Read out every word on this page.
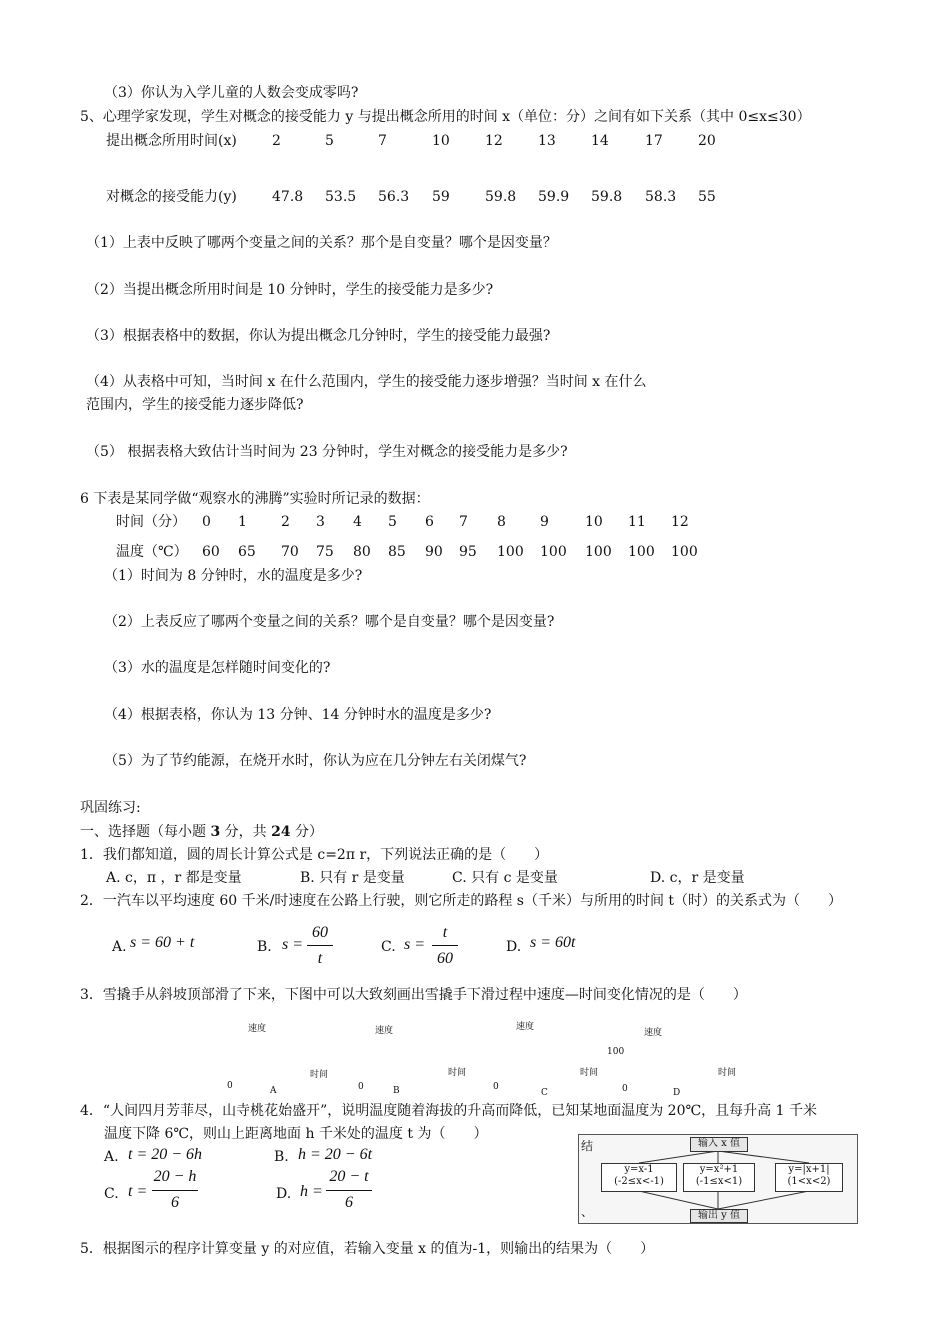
（3）你认为入学儿童的人数会变成零吗?
5、心理学家发现，学生对概念的接受能力 y 与提出概念所用的时间 x（单位：分）之间有如下关系（其中 0≤x≤30）
提出概念所用时间(x)	2	5	7	10	12	13	14	17	20
对概念的接受能力(y)	47.8 53.5 56.3 59	59.8 59.9 59.8 58.3 55
（1）上表中反映了哪两个变量之间的关系？那个是自变量？哪个是因变量？
（2）当提出概念所用时间是 10 分钟时，学生的接受能力是多少?
（3）根据表格中的数据，你认为提出概念几分钟时，学生的接受能力最强?
（4）从表格中可知，当时间 x 在什么范围内，学生的接受能力逐步增强？当时间 x 在什么
范围内，学生的接受能力逐步降低?
（5） 根据表格大致估计当时间为 23 分钟时，学生对概念的接受能力是多少?
6 下表是某同学做“观察水的沸腾”实验时所记录的数据：
时间（分） 0 1 2 3 4 5 6 7 8 9	10 11 12
温度（℃） 60 65 70 75 80 85 90 95 100 100 100 100 100
（1）时间为 8 分钟时，水的温度是多少?
（2）上表反应了哪两个变量之间的关系？哪个是自变量？哪个是因变量?
（3）水的温度是怎样随时间变化的?
（4）根据表格，你认为 13 分钟、14 分钟时水的温度是多少?
（5）为了节约能源，在烧开水时，你认为应在几分钟左右关闭煤气?
巩固练习:
一、选择题（每小题 3 分，共 24 分）
1．我们都知道，圆的周长计算公式是 c=2π r，下列说法正确的是（　　）
A. c，π ，r 都是变量	B. 只有 r 是变量	C. 只有 c 是变量	D. c，r 是变量
2．一汽车以平均速度 60 千米/时速度在公路上行驶，则它所走的路程 s（千米）与所用的时间 t（时）的关系式为（　　）
A. s = 60 + t	B. s =
60
t
C. s =
t
60
D. s = 60t
3．雪撬手从斜坡顶部滑了下来，下图中可以大致刻画出雪撬手下滑过程中速度—时间变化情况的是（　　）
速度
时间
0	A
速度
时间
0	B
速度
时间
0
C
速度
100
时间
0	D
4．“人间四月芳菲尽，山寺桃花始盛开”，说明温度随着海拔的升高而降低，已知某地面温度为 20℃，且每升高 1 千米
温度下降 6℃，则山上距离地面 h 千米处的温度 t 为（　　）
A. t = 20 − 6h	B. h = 20 − 6t
C. t =
20 − h
6	D. h =
20 − t
6
结
、
输入 x 值
y=x-1
(-2≤x<-1)
y=x²+1
(-1≤x<1)
y=|x+1|
(1<x<2)
输出 y 值
5．根据图示的程序计算变量 y 的对应值，若输入变量 x 的值为-1，则输出的结果为（　　）
